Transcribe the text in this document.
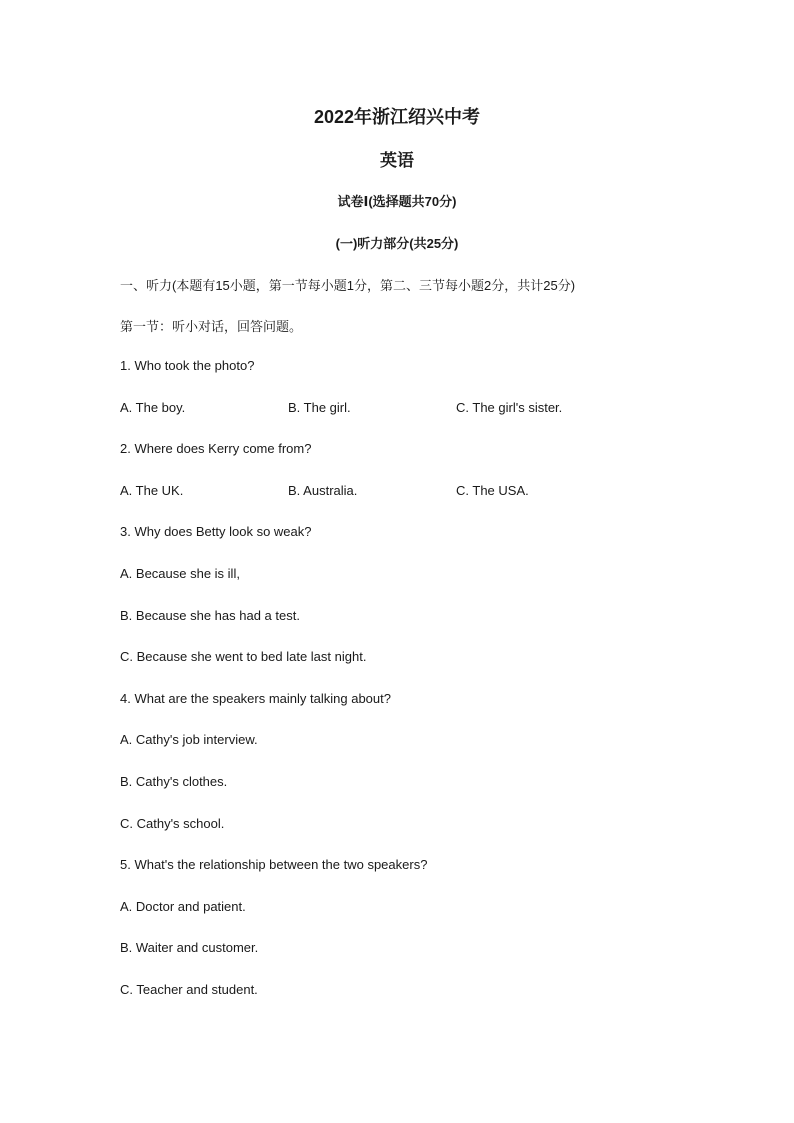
2022年浙江绍兴中考
英语
试卷Ⅰ(选择题共70分)
(一)听力部分(共25分)
一、听力(本题有15小题，第一节每小题1分，第二、三节每小题2分，共计25分)
第一节：听小对话，回答问题。
1. Who took the photo?
A. The boy.	B. The girl.	C. The girl's sister.
2. Where does Kerry come from?
A. The UK.	B. Australia.	C. The USA.
3. Why does Betty look so weak?
A. Because she is ill,
B. Because she has had a test.
C. Because she went to bed late last night.
4. What are the speakers mainly talking about?
A. Cathy's job interview.
B. Cathy's clothes.
C. Cathy's school.
5. What's the relationship between the two speakers?
A. Doctor and patient.
B. Waiter and customer.
C. Teacher and student.
